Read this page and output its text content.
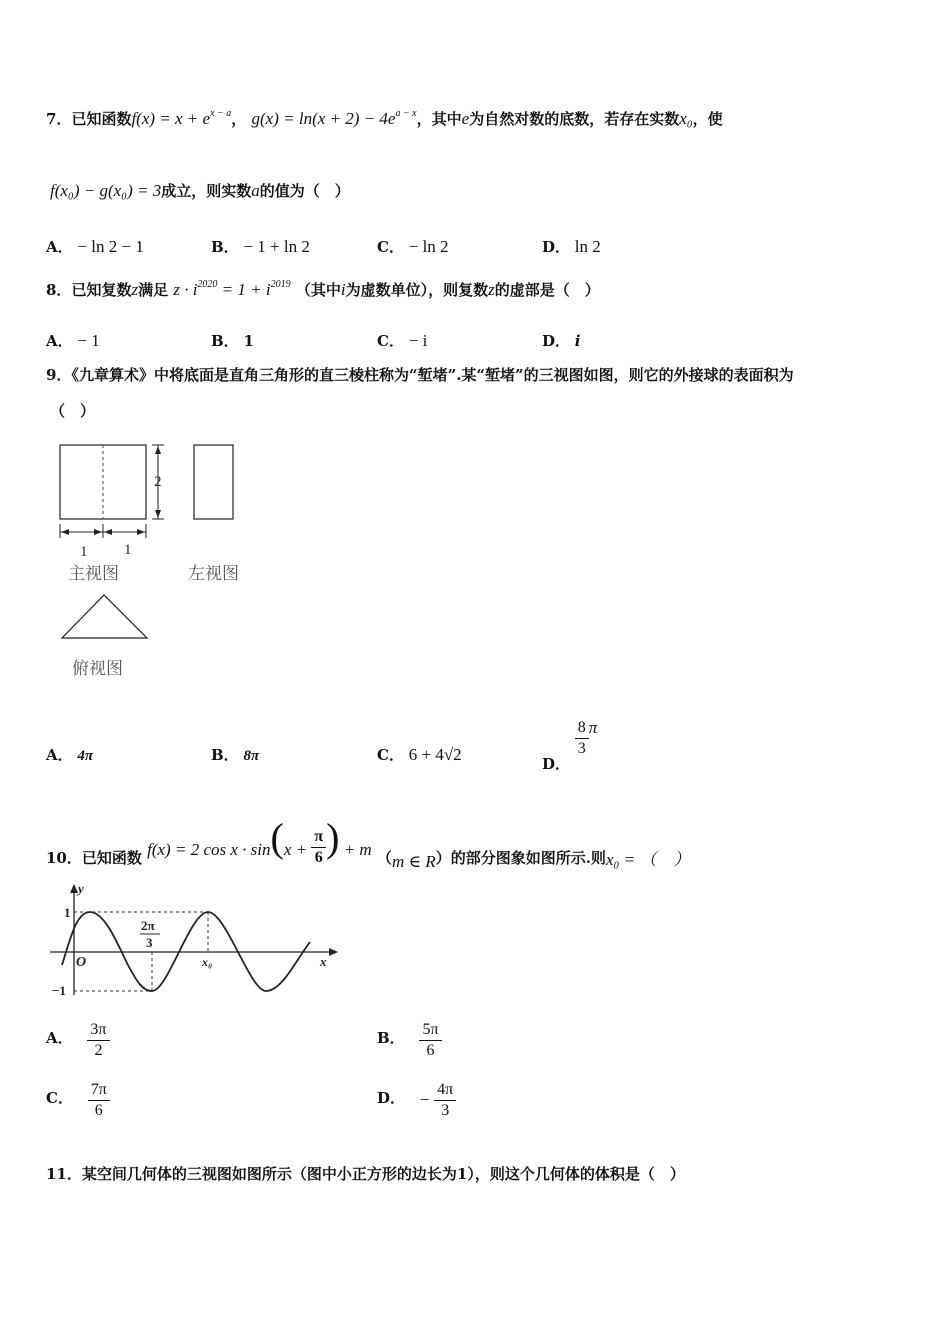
7．已知函数$f(x) = x + e^{x - a}$， $g(x) = \ln(x + 2) - 4e^{a - x}$，其中e为自然对数的底数，若存在实数x₀，使
f(x₀) − g(x₀) = 3成立，则实数a的值为（　）
A． − ln 2 − 1	B． − 1 + ln 2	C． − ln 2	D． ln 2
8．已知复数z满足 $z \cdot i^{2020} = 1 + i^{2019}$ （其中i为虚数单位），则复数z的虚部是（　）
A． − 1	B． 1	C． − i	D． i
9．《九章算术》中将底面是直角三角形的直三棱柱称为“堑堵”.某“堑堵”的三视图如图，则它的外接球的表面积为
（　）
2
1 1
主视图	左视图
俯视图
A． 4π	B． 8π	C． 6 + 4√2	D．
$\frac{8}{3}$ π
10．已知函数 f(x) = 2 $\cos x \cdot \sin(x + \frac{\pi}{6}$ ) + m （m ∈ R）的部分图象如图所示.则x₀ = （　）
y
x
O
1
−1
2π
3
x₀
A． $\frac{3\pi}{2}$	B． $\frac{5\pi}{6}$
C． $\frac{7\pi}{6}$	D． − $\frac{4\pi}{3}$
11．某空间几何体的三视图如图所示（图中小正方形的边长为1），则这个几何体的体积是（　）
